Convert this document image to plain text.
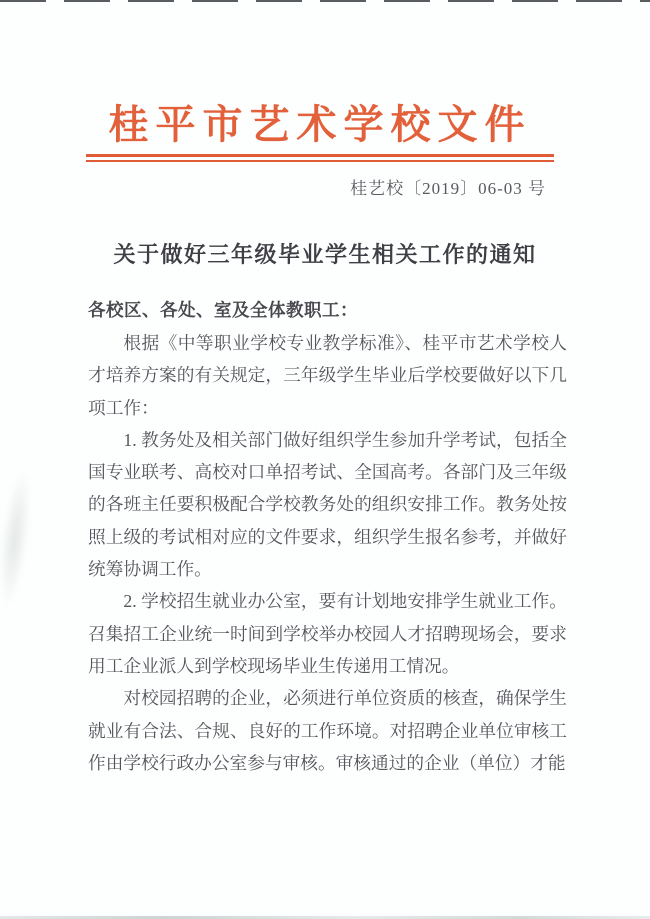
桂平市艺术学校文件
桂艺校〔2019〕06-03 号
关于做好三年级毕业学生相关工作的通知

各校区、各处、室及全体教职工：

根据《中等职业学校专业教学标准》、桂平市艺术学校人才培养方案的有关规定，三年级学生毕业后学校要做好以下几项工作：

1. 教务处及相关部门做好组织学生参加升学考试，包括全国专业联考、高校对口单招考试、全国高考。各部门及三年级的各班主任要积极配合学校教务处的组织安排工作。教务处按照上级的考试相对应的文件要求，组织学生报名参考，并做好统筹协调工作。

2. 学校招生就业办公室，要有计划地安排学生就业工作。召集招工企业统一时间到学校举办校园人才招聘现场会，要求用工企业派人到学校现场毕业生传递用工情况。

对校园招聘的企业，必须进行单位资质的核查，确保学生就业有合法、合规、良好的工作环境。对招聘企业单位审核工作由学校行政办公室参与审核。审核通过的企业（单位）才能
